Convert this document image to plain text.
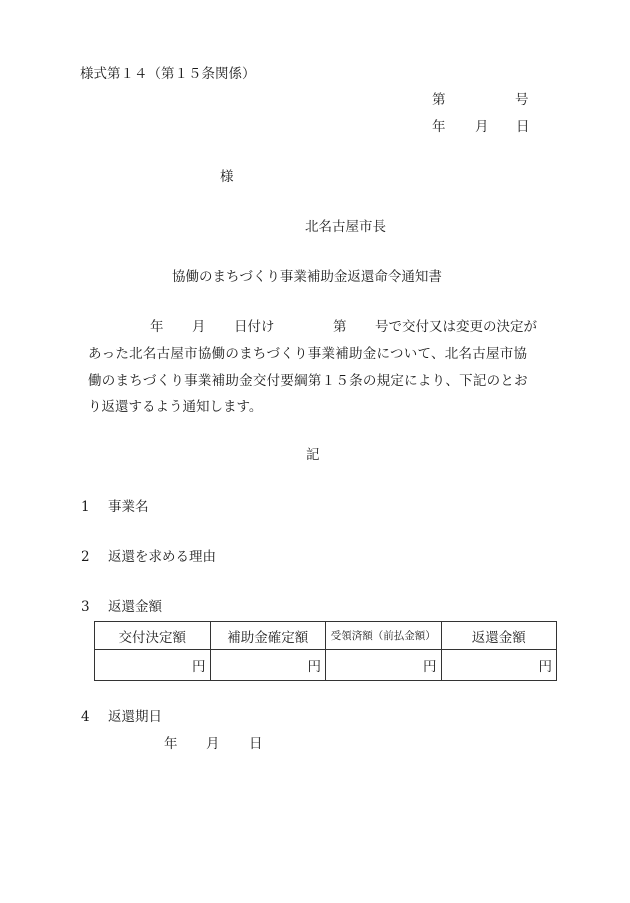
様式第１４（第１５条関係）
第	号
年 月 日
様
北名古屋市長
協働のまちづくり事業補助金返還命令通知書
年 月 日付け	第 号で交付又は変更の決定が
あった北名古屋市協働のまちづくり事業補助金について、北名古屋市協
働のまちづくり事業補助金交付要綱第１５条の規定により、下記のとお
り返還するよう通知します。
記
1 事業名
2 返還を求める理由
3 返還金額
交付決定額	補助金確定額	受領済額（前払金額）	返還金額
円	円	円	円
4 返還期日
年 月 日
